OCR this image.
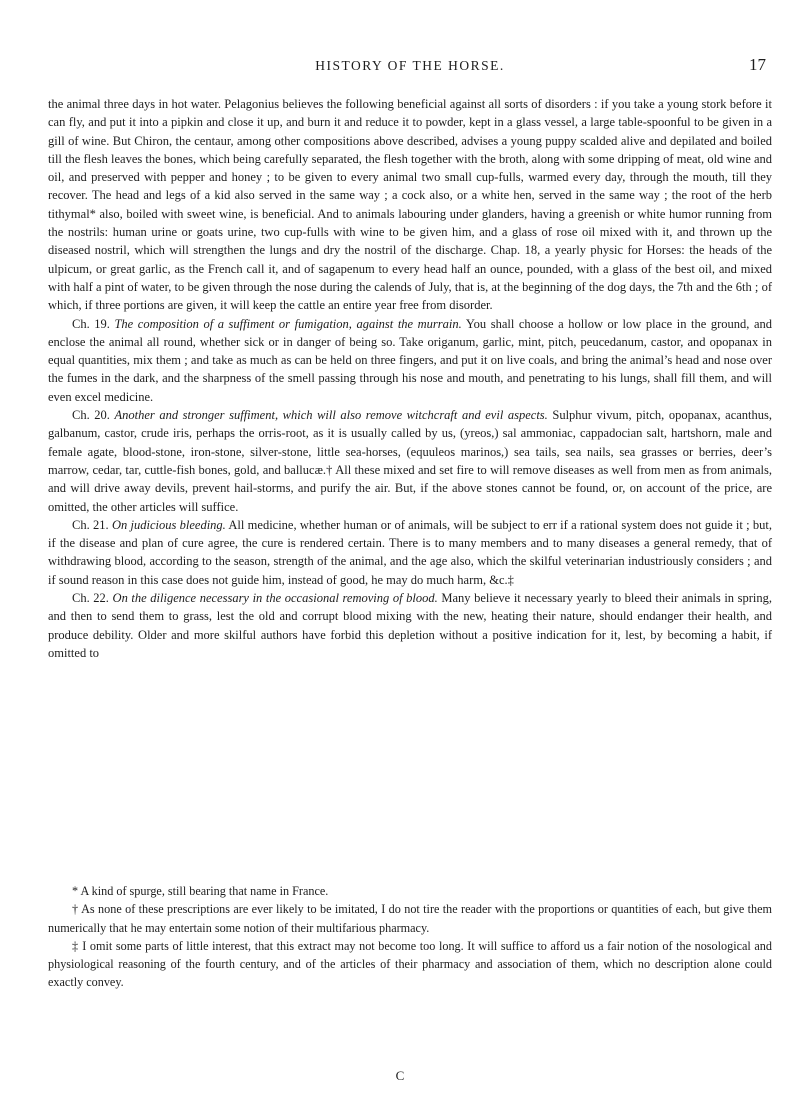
HISTORY OF THE HORSE.	17

the animal three days in hot water. Pelagonius believes the following beneficial against all sorts of disorders : if you take a young stork before it can fly, and put it into a pipkin and close it up, and burn it and reduce it to powder, kept in a glass vessel, a large table-spoonful to be given in a gill of wine. But Chiron, the centaur, among other compositions above described, advises a young puppy scalded alive and depilated and boiled till the flesh leaves the bones, which being carefully separated, the flesh together with the broth, along with some dripping of meat, old wine and oil, and preserved with pepper and honey ; to be given to every animal two small cup-fulls, warmed every day, through the mouth, till they recover. The head and legs of a kid also served in the same way ; a cock also, or a white hen, served in the same way ; the root of the herb tithymal* also, boiled with sweet wine, is beneficial. And to animals labouring under glanders, having a greenish or white humor running from the nostrils: human urine or goats urine, two cup-fulls with wine to be given him, and a glass of rose oil mixed with it, and thrown up the diseased nostril, which will strengthen the lungs and dry the nostril of the discharge. Chap. 18, a yearly physic for Horses: the heads of the ulpicum, or great garlic, as the French call it, and of sagapenum to every head half an ounce, pounded, with a glass of the best oil, and mixed with half a pint of water, to be given through the nose during the calends of July, that is, at the beginning of the dog days, the 7th and the 6th ; of which, if three portions are given, it will keep the cattle an entire year free from disorder.

Ch. 19. The composition of a suffiment or fumigation, against the murrain. You shall choose a hollow or low place in the ground, and enclose the animal all round, whether sick or in danger of being so. Take origanum, garlic, mint, pitch, peucedanum, castor, and opopanax in equal quantities, mix them ; and take as much as can be held on three fingers, and put it on live coals, and bring the animal’s head and nose over the fumes in the dark, and the sharpness of the smell passing through his nose and mouth, and penetrating to his lungs, shall fill them, and will even excel medicine.

Ch. 20. Another and stronger suffiment, which will also remove witchcraft and evil aspects. Sulphur vivum, pitch, opopanax, acanthus, galbanum, castor, crude iris, perhaps the orris-root, as it is usually called by us, (yreos,) sal ammoniac, cappadocian salt, hartshorn, male and female agate, blood-stone, iron-stone, silver-stone, little sea-horses, (equuleos marinos,) sea tails, sea nails, sea grasses or berries, deer’s marrow, cedar, tar, cuttle-fish bones, gold, and ballucæ.† All these mixed and set fire to will remove diseases as well from men as from animals, and will drive away devils, prevent hail-storms, and purify the air. But, if the above stones cannot be found, or, on account of the price, are omitted, the other articles will suffice.

Ch. 21. On judicious bleeding. All medicine, whether human or of animals, will be subject to err if a rational system does not guide it ; but, if the disease and plan of cure agree, the cure is rendered certain. There is to many members and to many diseases a general remedy, that of withdrawing blood, according to the season, strength of the animal, and the age also, which the skilful veterinarian industriously considers ; and if sound reason in this case does not guide him, instead of good, he may do much harm, &c.‡

Ch. 22. On the diligence necessary in the occasional removing of blood. Many believe it necessary yearly to bleed their animals in spring, and then to send them to grass, lest the old and corrupt blood mixing with the new, heating their nature, should endanger their health, and produce debility. Older and more skilful authors have forbid this depletion without a positive indication for it, lest, by becoming a habit, if omitted to

* A kind of spurge, still bearing that name in France.

† As none of these prescriptions are ever likely to be imitated, I do not tire the reader with the proportions or quantities of each, but give them numerically that he may entertain some notion of their multifarious pharmacy.

‡ I omit some parts of little interest, that this extract may not become too long. It will suffice to afford us a fair notion of the nosological and physiological reasoning of the fourth century, and of the articles of their pharmacy and association of them, which no description alone could exactly convey.

C
